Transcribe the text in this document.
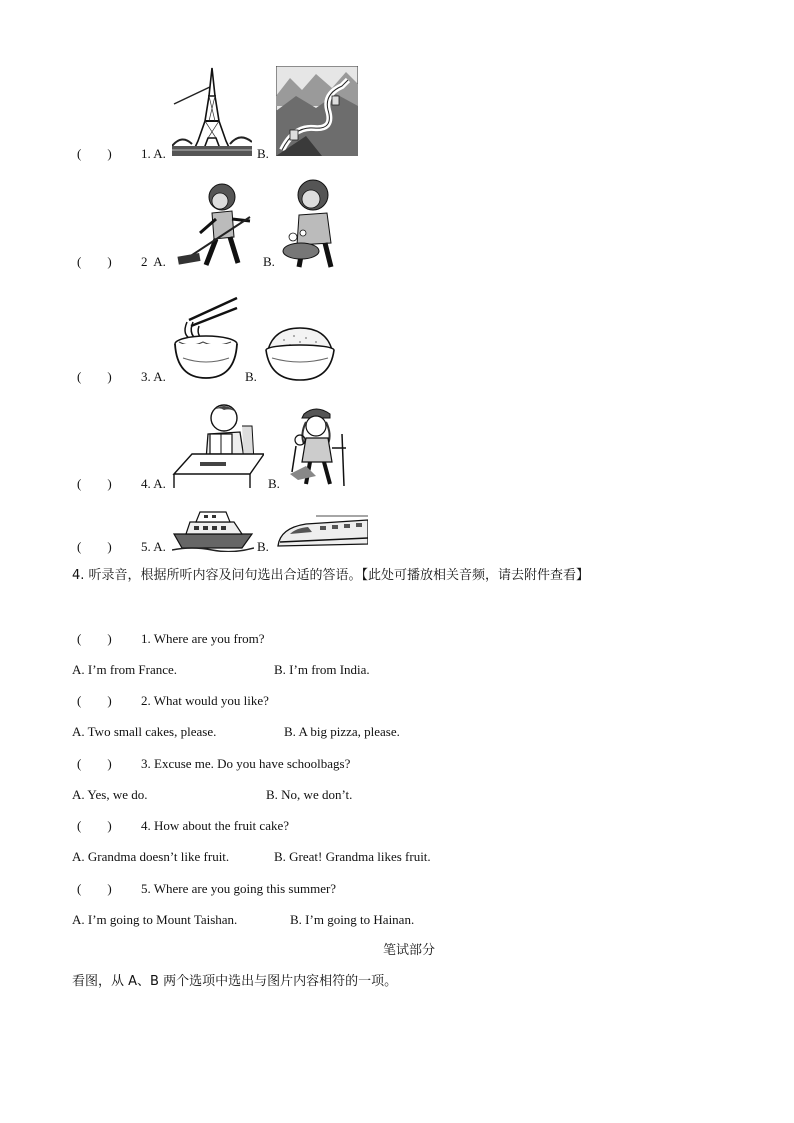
(        ) 1. A.	B.
(        ) 2  A.	B.
(        ) 3. A.	B.
(        ) 4. A.	B.
(        ) 5. A.	B.
4. 听录音，根据所听内容及问句选出合适的答语。【此处可播放相关音频，请去附件查看】
(        ) 1. Where are you from?
A. I’m from France.	B. I’m from India.
(        ) 2. What would you like?
A. Two small cakes, please.	B. A big pizza, please.
(        ) 3. Excuse me. Do you have schoolbags?
A. Yes, we do.	B. No, we don’t.
(        ) 4. How about the fruit cake?
A. Grandma doesn’t like fruit.	B. Great! Grandma likes fruit.
(        ) 5. Where are you going this summer?
A. I’m going to Mount Taishan.	B. I’m going to Hainan.
笔试部分
看图，从 A、B 两个选项中选出与图片内容相符的一项。
